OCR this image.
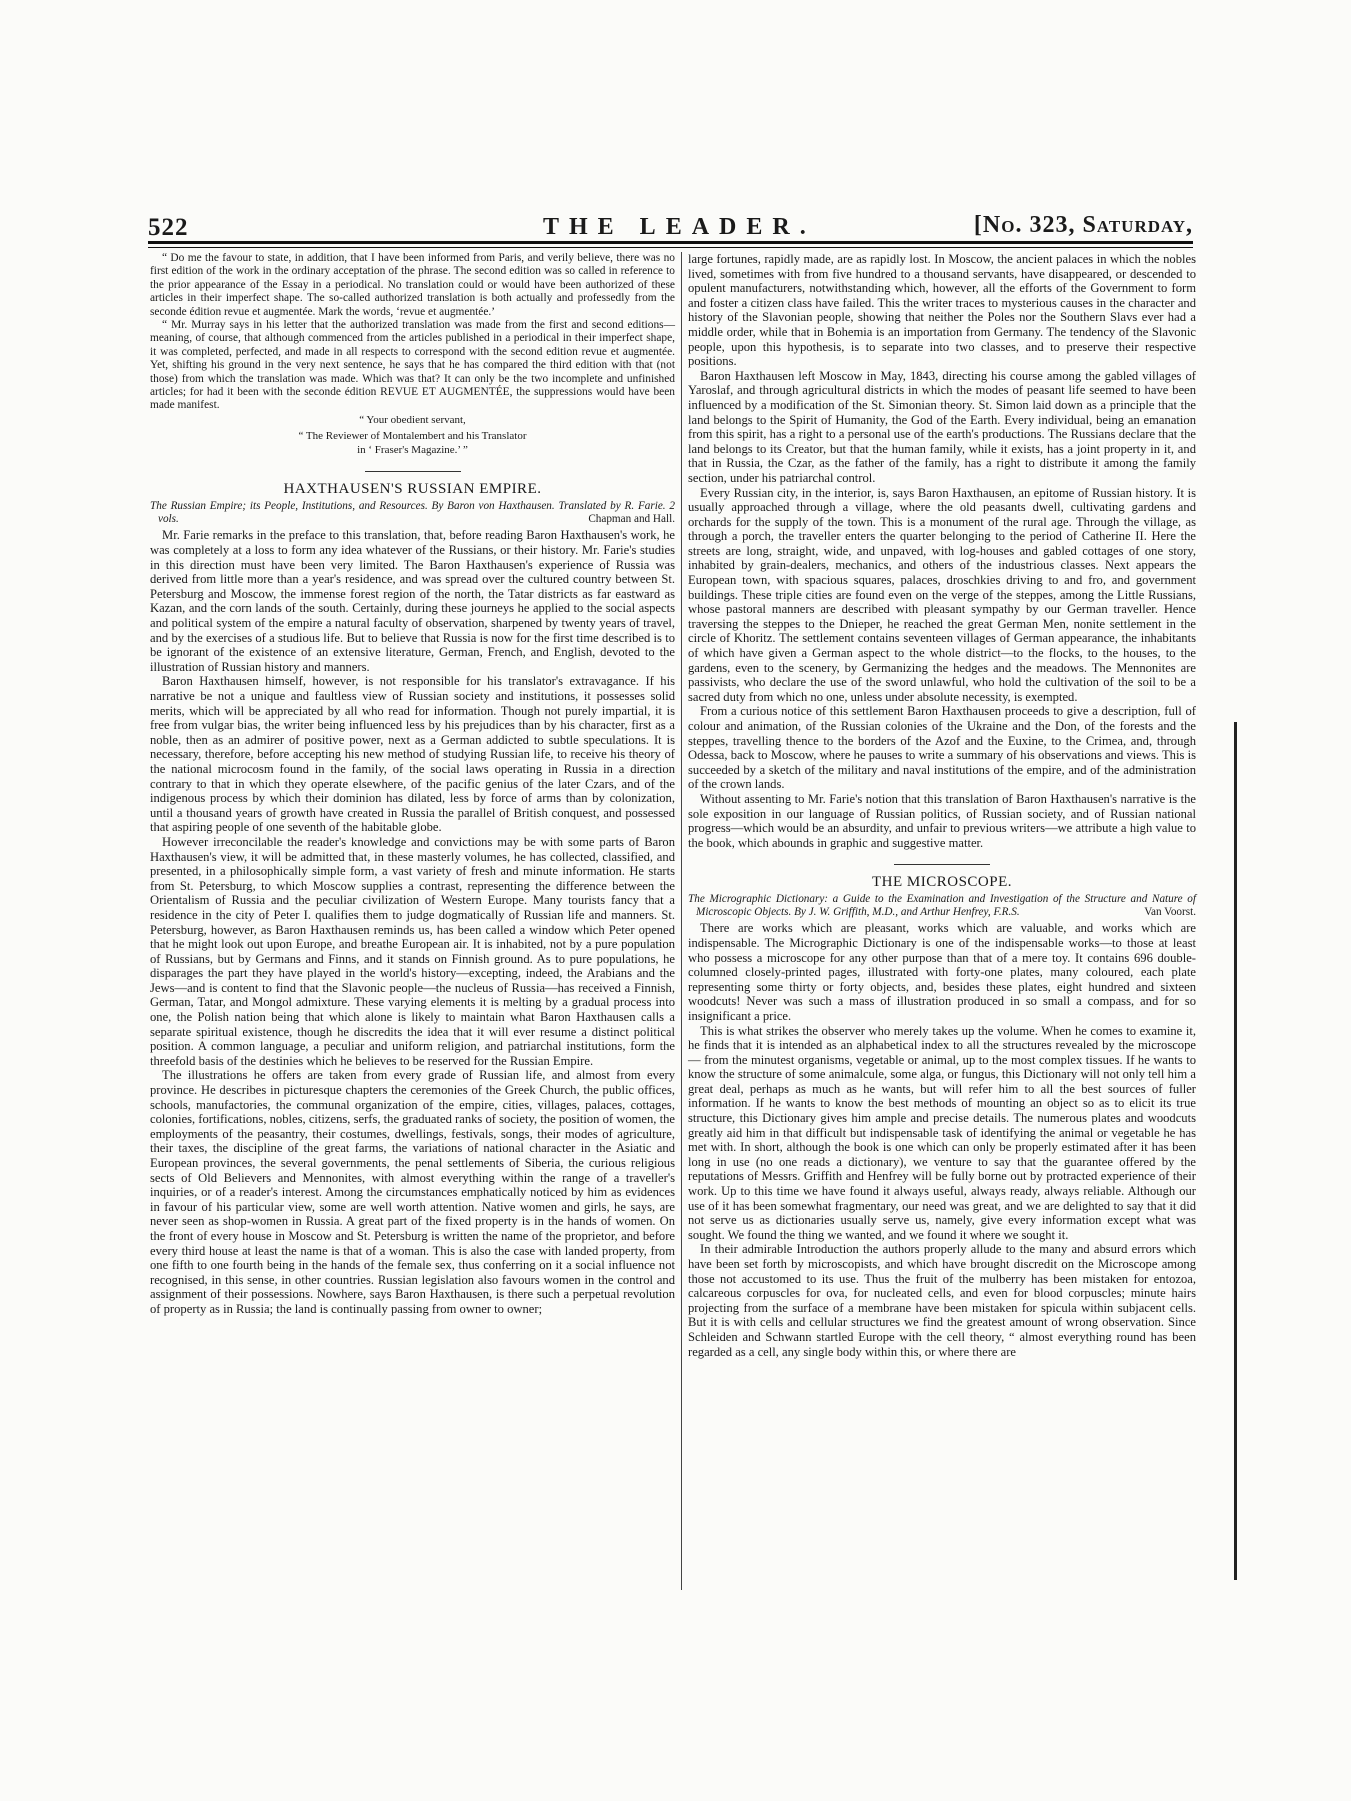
522	THE LEADER.	[No. 323, Saturday,

“ Do me the favour to state, in addition, that I have been informed from Paris, and verily believe, there was no first edition of the work in the ordinary acceptation of the phrase. The second edition was so called in reference to the prior appearance of the Essay in a periodical. No translation could or would have been authorized of these articles in their imperfect shape. The so-called authorized translation is both actually and professedly from the seconde édition revue et augmentée. Mark the words, ‘revue et augmentée.’

“ Mr. Murray says in his letter that the authorized translation was made from the first and second editions—meaning, of course, that although commenced from the articles published in a periodical in their imperfect shape, it was completed, perfected, and made in all respects to correspond with the second edition revue et augmentée. Yet, shifting his ground in the very next sentence, he says that he has compared the third edition with that (not those) from which the translation was made. Which was that? It can only be the two incomplete and unfinished articles; for had it been with the seconde édition REVUE ET AUGMENTÉE, the suppressions would have been made manifest.

“ Your obedient servant,
“ The Reviewer of Montalembert and his Translator
in ‘ Fraser's Magazine.’ ”
HAXTHAUSEN'S RUSSIAN EMPIRE.
The Russian Empire; its People, Institutions, and Resources. By Baron von Haxthausen. Translated by R. Farie. 2 vols.	Chapman and Hall.

Mr. Farie remarks in the preface to this translation, that, before reading Baron Haxthausen's work, he was completely at a loss to form any idea whatever of the Russians, or their history. Mr. Farie's studies in this direction must have been very limited. The Baron Haxthausen's experience of Russia was derived from little more than a year's residence, and was spread over the cultured country between St. Petersburg and Moscow, the immense forest region of the north, the Tatar districts as far eastward as Kazan, and the corn lands of the south. Certainly, during these journeys he applied to the social aspects and political system of the empire a natural faculty of observation, sharpened by twenty years of travel, and by the exercises of a studious life. But to believe that Russia is now for the first time described is to be ignorant of the existence of an extensive literature, German, French, and English, devoted to the illustration of Russian history and manners.

Baron Haxthausen himself, however, is not responsible for his translator's extravagance. If his narrative be not a unique and faultless view of Russian society and institutions, it possesses solid merits, which will be appreciated by all who read for information. Though not purely impartial, it is free from vulgar bias, the writer being influenced less by his prejudices than by his character, first as a noble, then as an admirer of positive power, next as a German addicted to subtle speculations. It is necessary, therefore, before accepting his new method of studying Russian life, to receive his theory of the national microcosm found in the family, of the social laws operating in Russia in a direction contrary to that in which they operate elsewhere, of the pacific genius of the later Czars, and of the indigenous process by which their dominion has dilated, less by force of arms than by colonization, until a thousand years of growth have created in Russia the parallel of British conquest, and possessed that aspiring people of one seventh of the habitable globe.

However irreconcilable the reader's knowledge and convictions may be with some parts of Baron Haxthausen's view, it will be admitted that, in these masterly volumes, he has collected, classified, and presented, in a philosophically simple form, a vast variety of fresh and minute information. He starts from St. Petersburg, to which Moscow supplies a contrast, representing the difference between the Orientalism of Russia and the peculiar civilization of Western Europe. Many tourists fancy that a residence in the city of Peter I. qualifies them to judge dogmatically of Russian life and manners. St. Petersburg, however, as Baron Haxthausen reminds us, has been called a window which Peter opened that he might look out upon Europe, and breathe European air. It is inhabited, not by a pure population of Russians, but by Germans and Finns, and it stands on Finnish ground. As to pure populations, he disparages the part they have played in the world's history—excepting, indeed, the Arabians and the Jews—and is content to find that the Slavonic people—the nucleus of Russia—has received a Finnish, German, Tatar, and Mongol admixture. These varying elements it is melting by a gradual process into one, the Polish nation being that which alone is likely to maintain what Baron Haxthausen calls a separate spiritual existence, though he discredits the idea that it will ever resume a distinct political position. A common language, a peculiar and uniform religion, and patriarchal institutions, form the threefold basis of the destinies which he believes to be reserved for the Russian Empire.

The illustrations he offers are taken from every grade of Russian life, and almost from every province. He describes in picturesque chapters the ceremonies of the Greek Church, the public offices, schools, manufactories, the communal organization of the empire, cities, villages, palaces, cottages, colonies, fortifications, nobles, citizens, serfs, the graduated ranks of society, the position of women, the employments of the peasantry, their costumes, dwellings, festivals, songs, their modes of agriculture, their taxes, the discipline of the great farms, the variations of national character in the Asiatic and European provinces, the several governments, the penal settlements of Siberia, the curious religious sects of Old Believers and Mennonites, with almost everything within the range of a traveller's inquiries, or of a reader's interest. Among the circumstances emphatically noticed by him as evidences in favour of his particular view, some are well worth attention. Native women and girls, he says, are never seen as shop-women in Russia. A great part of the fixed property is in the hands of women. On the front of every house in Moscow and St. Petersburg is written the name of the proprietor, and before every third house at least the name is that of a woman. This is also the case with landed property, from one fifth to one fourth being in the hands of the female sex, thus conferring on it a social influence not recognised, in this sense, in other countries. Russian legislation also favours women in the control and assignment of their possessions. Nowhere, says Baron Haxthausen, is there such a perpetual revolution of property as in Russia; the land is continually passing from owner to owner;

large fortunes, rapidly made, are as rapidly lost. In Moscow, the ancient palaces in which the nobles lived, sometimes with from five hundred to a thousand servants, have disappeared, or descended to opulent manufacturers, notwithstanding which, however, all the efforts of the Government to form and foster a citizen class have failed. This the writer traces to mysterious causes in the character and history of the Slavonian people, showing that neither the Poles nor the Southern Slavs ever had a middle order, while that in Bohemia is an importation from Germany. The tendency of the Slavonic people, upon this hypothesis, is to separate into two classes, and to preserve their respective positions.

Baron Haxthausen left Moscow in May, 1843, directing his course among the gabled villages of Yaroslaf, and through agricultural districts in which the modes of peasant life seemed to have been influenced by a modification of the St. Simonian theory. St. Simon laid down as a principle that the land belongs to the Spirit of Humanity, the God of the Earth. Every individual, being an emanation from this spirit, has a right to a personal use of the earth's productions. The Russians declare that the land belongs to its Creator, but that the human family, while it exists, has a joint property in it, and that in Russia, the Czar, as the father of the family, has a right to distribute it among the family section, under his patriarchal control.

Every Russian city, in the interior, is, says Baron Haxthausen, an epitome of Russian history. It is usually approached through a village, where the old peasants dwell, cultivating gardens and orchards for the supply of the town. This is a monument of the rural age. Through the village, as through a porch, the traveller enters the quarter belonging to the period of Catherine II. Here the streets are long, straight, wide, and unpaved, with log-houses and gabled cottages of one story, inhabited by grain-dealers, mechanics, and others of the industrious classes. Next appears the European town, with spacious squares, palaces, droschkies driving to and fro, and government buildings. These triple cities are found even on the verge of the steppes, among the Little Russians, whose pastoral manners are described with pleasant sympathy by our German traveller. Hence traversing the steppes to the Dnieper, he reached the great German Men, nonite settlement in the circle of Khoritz. The settlement contains seventeen villages of German appearance, the inhabitants of which have given a German aspect to the whole district—to the flocks, to the houses, to the gardens, even to the scenery, by Germanizing the hedges and the meadows. The Mennonites are passivists, who declare the use of the sword unlawful, who hold the cultivation of the soil to be a sacred duty from which no one, unless under absolute necessity, is exempted.

From a curious notice of this settlement Baron Haxthausen proceeds to give a description, full of colour and animation, of the Russian colonies of the Ukraine and the Don, of the forests and the steppes, travelling thence to the borders of the Azof and the Euxine, to the Crimea, and, through Odessa, back to Moscow, where he pauses to write a summary of his observations and views. This is succeeded by a sketch of the military and naval institutions of the empire, and of the administration of the crown lands.

Without assenting to Mr. Farie's notion that this translation of Baron Haxthausen's narrative is the sole exposition in our language of Russian politics, of Russian society, and of Russian national progress—which would be an absurdity, and unfair to previous writers—we attribute a high value to the book, which abounds in graphic and suggestive matter.

THE MICROSCOPE.
The Micrographic Dictionary: a Guide to the Examination and Investigation of the Structure and Nature of Microscopic Objects. By J. W. Griffith, M.D., and Arthur Henfrey, F.R.S.	Van Voorst.

There are works which are pleasant, works which are valuable, and works which are indispensable. The Micrographic Dictionary is one of the indispensable works—to those at least who possess a microscope for any other purpose than that of a mere toy. It contains 696 double-columned closely-printed pages, illustrated with forty-one plates, many coloured, each plate representing some thirty or forty objects, and, besides these plates, eight hundred and sixteen woodcuts! Never was such a mass of illustration produced in so small a compass, and for so insignificant a price.

This is what strikes the observer who merely takes up the volume. When he comes to examine it, he finds that it is intended as an alphabetical index to all the structures revealed by the microscope — from the minutest organisms, vegetable or animal, up to the most complex tissues. If he wants to know the structure of some animalcule, some alga, or fungus, this Dictionary will not only tell him a great deal, perhaps as much as he wants, but will refer him to all the best sources of fuller information. If he wants to know the best methods of mounting an object so as to elicit its true structure, this Dictionary gives him ample and precise details. The numerous plates and woodcuts greatly aid him in that difficult but indispensable task of identifying the animal or vegetable he has met with. In short, although the book is one which can only be properly estimated after it has been long in use (no one reads a dictionary), we venture to say that the guarantee offered by the reputations of Messrs. Griffith and Henfrey will be fully borne out by protracted experience of their work. Up to this time we have found it always useful, always ready, always reliable. Although our use of it has been somewhat fragmentary, our need was great, and we are delighted to say that it did not serve us as dictionaries usually serve us, namely, give every information except what was sought. We found the thing we wanted, and we found it where we sought it.

In their admirable Introduction the authors properly allude to the many and absurd errors which have been set forth by microscopists, and which have brought discredit on the Microscope among those not accustomed to its use. Thus the fruit of the mulberry has been mistaken for entozoa, calcareous corpuscles for ova, for nucleated cells, and even for blood corpuscles; minute hairs projecting from the surface of a membrane have been mistaken for spicula within subjacent cells. But it is with cells and cellular structures we find the greatest amount of wrong observation. Since Schleiden and Schwann startled Europe with the cell theory, “ almost everything round has been regarded as a cell, any single body within this, or where there are
